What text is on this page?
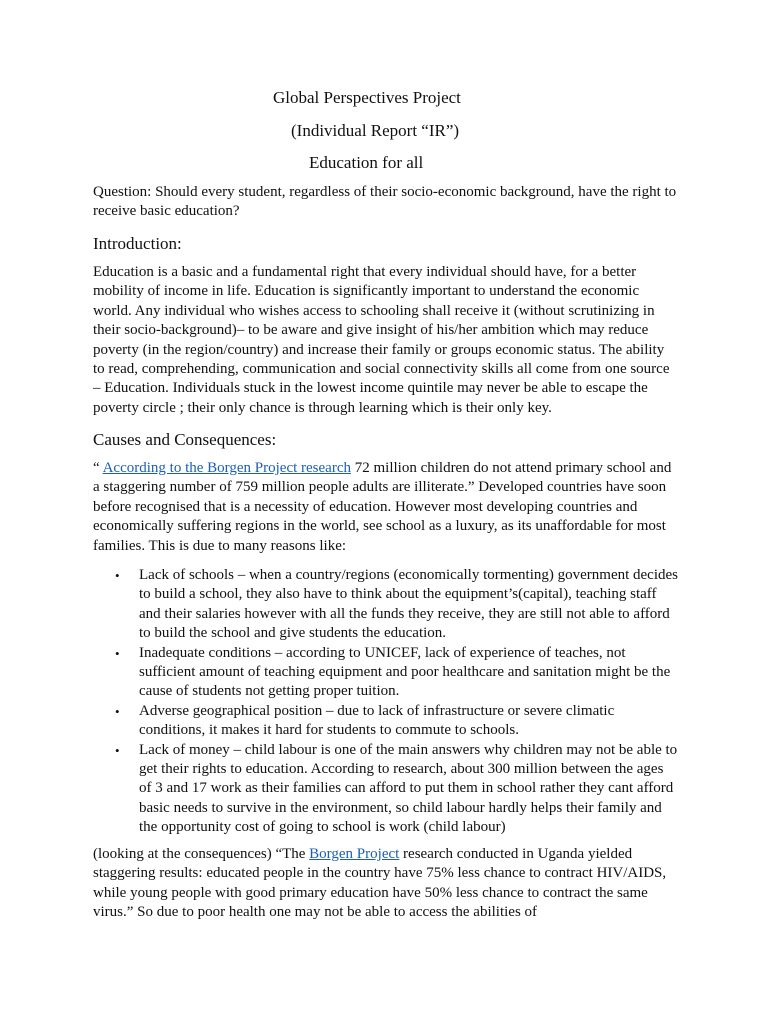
Global Perspectives Project
(Individual Report “IR”)
Education for all

Question: Should every student, regardless of their socio-economic background, have the right to receive basic education?

Introduction:

Education is a basic and a fundamental right that every individual should have, for a better mobility of income in life. Education is significantly important to understand the economic world. Any individual who wishes access to schooling shall receive it (without scrutinizing in their socio-background)– to be aware and give insight of his/her ambition which may reduce poverty (in the region/country) and increase their family or groups economic status. The ability to read, comprehending, communication and social connectivity skills all come from one source – Education. Individuals stuck in the lowest income quintile may never be able to escape the poverty circle ; their only chance is through learning which is their only key.

Causes and Consequences:

“ According to the Borgen Project research 72 million children do not attend primary school and a staggering number of 759 million people adults are illiterate.” Developed countries have soon before recognised that is a necessity of education. However most developing countries and economically suffering regions in the world, see school as a luxury, as its unaffordable for most families. This is due to many reasons like:

• Lack of schools – when a country/regions (economically tormenting) government decides to build a school, they also have to think about the equipment’s(capital), teaching staff and their salaries however with all the funds they receive, they are still not able to afford to build the school and give students the education.
• Inadequate conditions – according to UNICEF, lack of experience of teaches, not sufficient amount of teaching equipment and poor healthcare and sanitation might be the cause of students not getting proper tuition.
• Adverse geographical position – due to lack of infrastructure or severe climatic conditions, it makes it hard for students to commute to schools.
• Lack of money – child labour is one of the main answers why children may not be able to get their rights to education. According to research, about 300 million between the ages of 3 and 17 work as their families can afford to put them in school rather they cant afford basic needs to survive in the environment, so child labour hardly helps their family and the opportunity cost of going to school is work (child labour)

(looking at the consequences) “The Borgen Project research conducted in Uganda yielded staggering results: educated people in the country have 75% less chance to contract HIV/AIDS, while young people with good primary education have 50% less chance to contract the same virus.” So due to poor health one may not be able to access the abilities of
